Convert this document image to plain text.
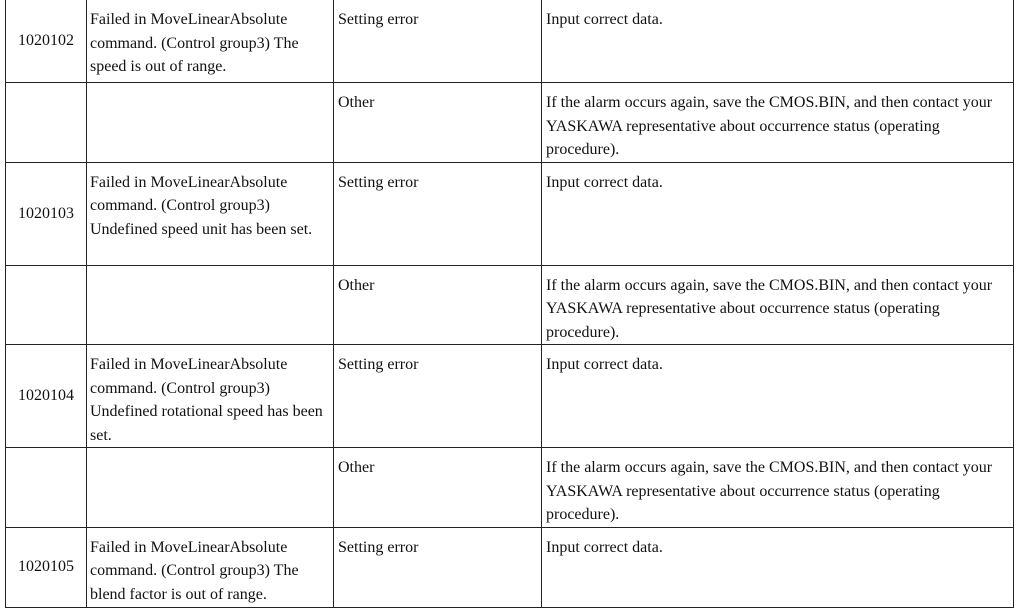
1020102	Failed in MoveLinearAbsolute command. (Control group3) The speed is out of range.	Setting error	Input correct data.
		Other	If the alarm occurs again, save the CMOS.BIN, and then contact your YASKAWA representative about occurrence status (operating procedure).
1020103	Failed in MoveLinearAbsolute command. (Control group3) Undefined speed unit has been set.	Setting error	Input correct data.
		Other	If the alarm occurs again, save the CMOS.BIN, and then contact your YASKAWA representative about occurrence status (operating procedure).
1020104	Failed in MoveLinearAbsolute command. (Control group3) Undefined rotational speed has been set.	Setting error	Input correct data.
		Other	If the alarm occurs again, save the CMOS.BIN, and then contact your YASKAWA representative about occurrence status (operating procedure).
1020105	Failed in MoveLinearAbsolute command. (Control group3) The blend factor is out of range.	Setting error	Input correct data.
